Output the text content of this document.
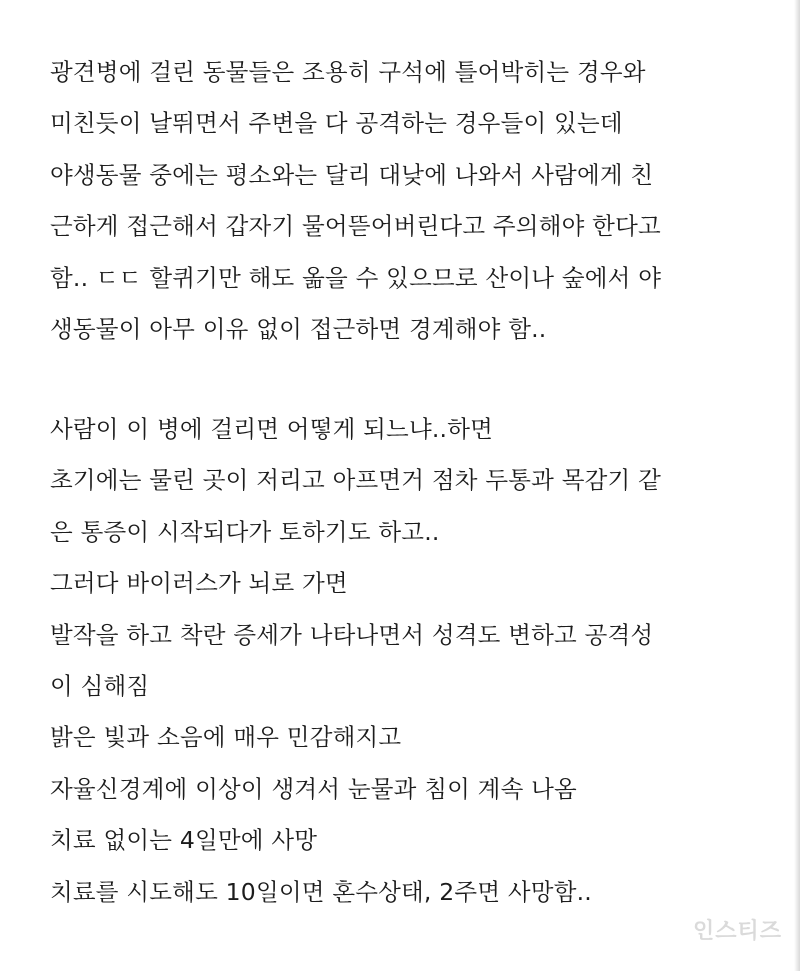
광견병에 걸린 동물들은 조용히 구석에 틀어박히는 경우와
미친듯이 날뛰면서 주변을 다 공격하는 경우들이 있는데
야생동물 중에는 평소와는 달리 대낮에 나와서 사람에게 친
근하게 접근해서 갑자기 물어뜯어버린다고 주의해야 한다고
함.. ㄷㄷ 할퀴기만 해도 옮을 수 있으므로 산이나 숲에서 야
생동물이 아무 이유 없이 접근하면 경계해야 함..
사람이 이 병에 걸리면 어떻게 되느냐..하면
초기에는 물린 곳이 저리고 아프면거 점차 두통과 목감기 같
은 통증이 시작되다가 토하기도 하고..
그러다 바이러스가 뇌로 가면
발작을 하고 착란 증세가 나타나면서 성격도 변하고 공격성
이 심해짐
밝은 빛과 소음에 매우 민감해지고
자율신경계에 이상이 생겨서 눈물과 침이 계속 나옴
치료 없이는 4일만에 사망
치료를 시도해도 10일이면 혼수상태, 2주면 사망함..
인스티즈
